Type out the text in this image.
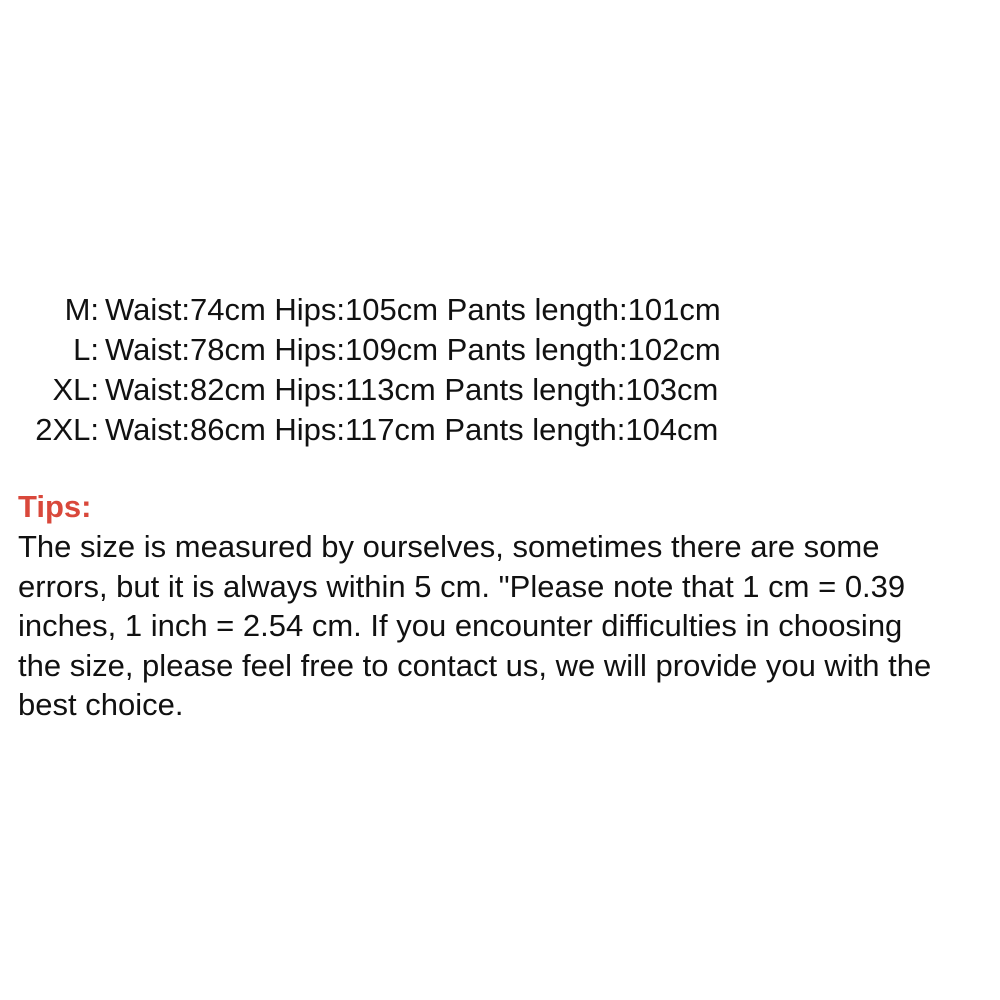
M: Waist:74cm Hips:105cm Pants length:101cm
L: Waist:78cm Hips:109cm Pants length:102cm
XL: Waist:82cm Hips:113cm Pants length:103cm
2XL: Waist:86cm Hips:117cm Pants length:104cm
Tips:
The size is measured by ourselves, sometimes there are some
errors, but it is always within 5 cm. "Please note that 1 cm = 0.39
inches, 1 inch = 2.54 cm. If you encounter difficulties in choosing
the size, please feel free to contact us, we will provide you with the
best choice.
